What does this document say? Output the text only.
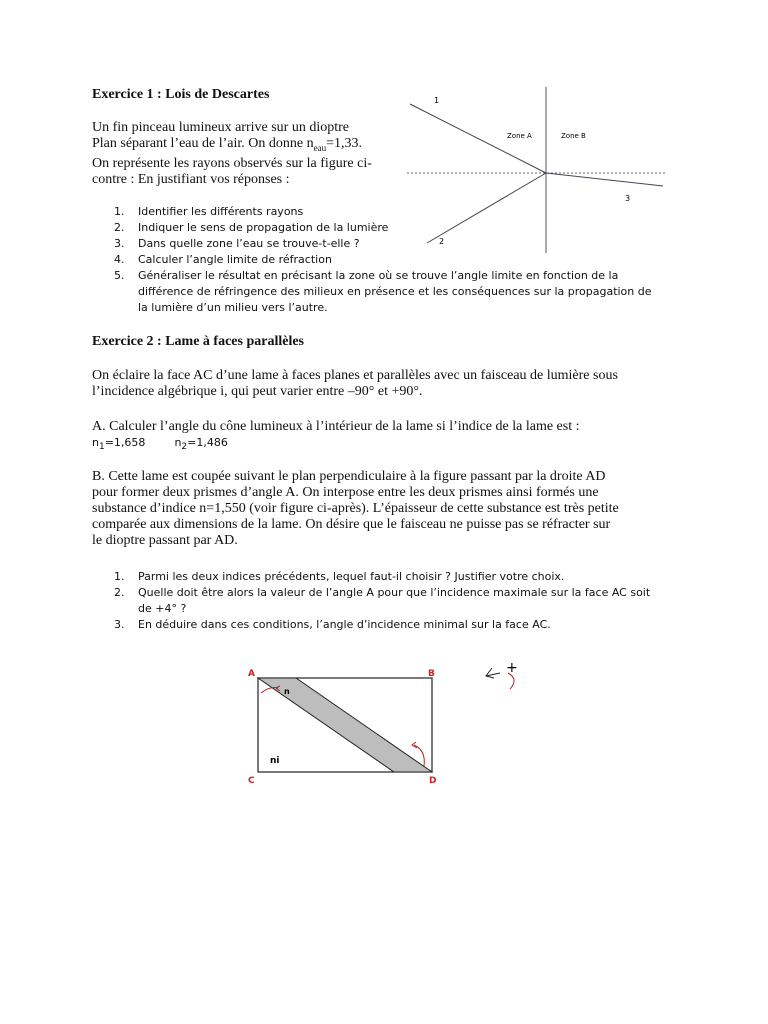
Exercice 1 : Lois de Descartes
Un fin pinceau lumineux arrive sur un dioptre
Plan séparant l’eau de l’air. On donne $n_{eau}=1,33$.
On représente les rayons observés sur la figure ci-
contre : En justifiant vos réponses :
1. Identifier les différents rayons
2. Indiquer le sens de propagation de la lumière
3. Dans quelle zone l’eau se trouve-t-elle ?
4. Calculer l’angle limite de réfraction
5. Généraliser le résultat en précisant la zone où se trouve l’angle limite en fonction de la
différence de réfringence des milieux en présence et les conséquences sur la propagation de
la lumière d’un milieu vers l’autre.
1
2
3
Zone A	Zone B
Exercice 2 : Lame à faces parallèles
On éclaire la face AC d’une lame à faces planes et parallèles avec un faisceau de lumière sous
l’incidence algébrique i, qui peut varier entre –90° et +90°.
A. Calculer l’angle du cône lumineux à l’intérieur de la lame si l’indice de la lame est :
$n_1=1,658$	$n_2=1,486$
B. Cette lame est coupée suivant le plan perpendiculaire à la figure passant par la droite AD
pour former deux prismes d’angle A. On interpose entre les deux prismes ainsi formés une
substance d’indice n=1,550 (voir figure ci-après). L’épaisseur de cette substance est très petite
comparée aux dimensions de la lame. On désire que le faisceau ne puisse pas se réfracter sur
le dioptre passant par AD.
1. Parmi les deux indices précédents, lequel faut-il choisir ? Justifier votre choix.
2. Quelle doit être alors la valeur de l’angle A pour que l’incidence maximale sur la face AC soit
de +4° ?
3. En déduire dans ces conditions, l’angle d’incidence minimal sur la face AC.
A	B
C	D
n
ni
+
